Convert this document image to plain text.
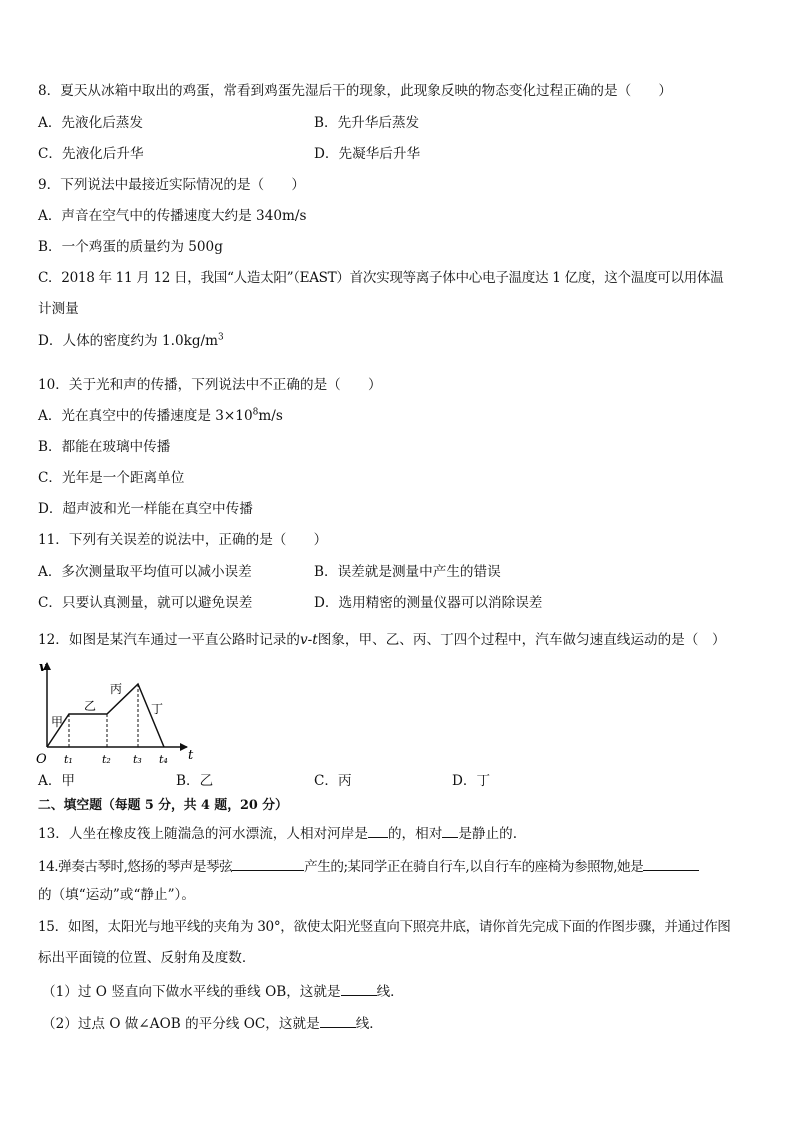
8．夏天从冰箱中取出的鸡蛋，常看到鸡蛋先湿后干的现象，此现象反映的物态变化过程正确的是（　　）
A．先液化后蒸发	B．先升华后蒸发
C．先液化后升华	D．先凝华后升华
9．下列说法中最接近实际情况的是（　　）
A．声音在空气中的传播速度大约是 340m/s
B．一个鸡蛋的质量约为 500g
C．2018 年 11 月 12 日，我国“人造太阳”（EAST）首次实现等离子体中心电子温度达 1 亿度，这个温度可以用体温
计测量
D．人体的密度约为 $1.0kg/m^3$
10．关于光和声的传播，下列说法中不正确的是（　　）
A．光在真空中的传播速度是 $3\times 10^8m/s$
B．都能在玻璃中传播
C．光年是一个距离单位
D．超声波和光一样能在真空中传播
11．下列有关误差的说法中，正确的是（　　）
A．多次测量取平均值可以减小误差	B．误差就是测量中产生的错误
C．只要认真测量，就可以避免误差	D．选用精密的测量仪器可以消除误差
12．如图是某汽车通过一平直公路时记录的v-t图象，甲、乙、丙、丁四个过程中，汽车做匀速直线运动的是（　）
v
t
O
甲
乙
丙
丁
t₁	t₂ t₃ t₄
A．甲	B．乙	C．丙	D．丁
二、填空题（每题 5 分，共 4 题，20 分）
13．人坐在橡皮筏上随湍急的河水漂流，人相对河岸是 的，相对 是静止的.
14.弹奏古琴时,悠扬的琴声是琴弦	产生的;某同学正在骑自行车,以自行车的座椅为参照物,她是
的（填“运动”或“静止”）。
15．如图，太阳光与地平线的夹角为 30°，欲使太阳光竖直向下照亮井底，请你首先完成下面的作图步骤，并通过作图
标出平面镜的位置、反射角及度数．
（1）过 O 竖直向下做水平线的垂线 OB，这就是	线．
（2）过点 O 做∠AOB 的平分线 OC，这就是	线．
